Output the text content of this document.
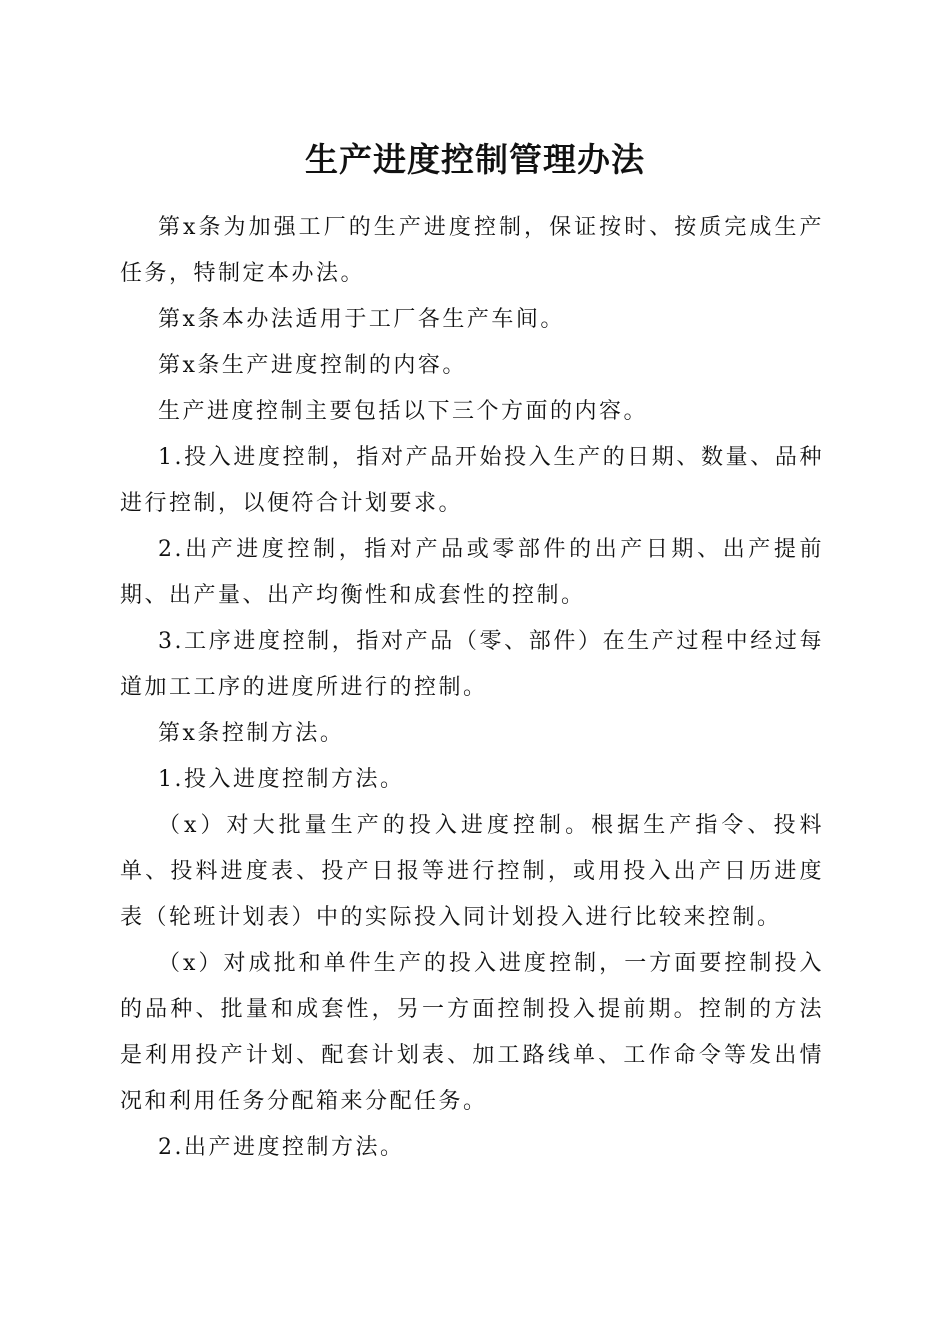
生产进度控制管理办法

第x条为加强工厂的生产进度控制，保证按时、按质完成生产任务，特制定本办法。

第x条本办法适用于工厂各生产车间。

第x条生产进度控制的内容。

生产进度控制主要包括以下三个方面的内容。

1.投入进度控制，指对产品开始投入生产的日期、数量、品种进行控制，以便符合计划要求。

2.出产进度控制，指对产品或零部件的出产日期、出产提前期、出产量、出产均衡性和成套性的控制。

3.工序进度控制，指对产品（零、部件）在生产过程中经过每道加工工序的进度所进行的控制。

第x条控制方法。

1.投入进度控制方法。

（x）对大批量生产的投入进度控制。根据生产指令、投料单、投料进度表、投产日报等进行控制，或用投入出产日历进度表（轮班计划表）中的实际投入同计划投入进行比较来控制。

（x）对成批和单件生产的投入进度控制，一方面要控制投入的品种、批量和成套性，另一方面控制投入提前期。控制的方法是利用投产计划、配套计划表、加工路线单、工作命令等发出情况和利用任务分配箱来分配任务。

2.出产进度控制方法。
